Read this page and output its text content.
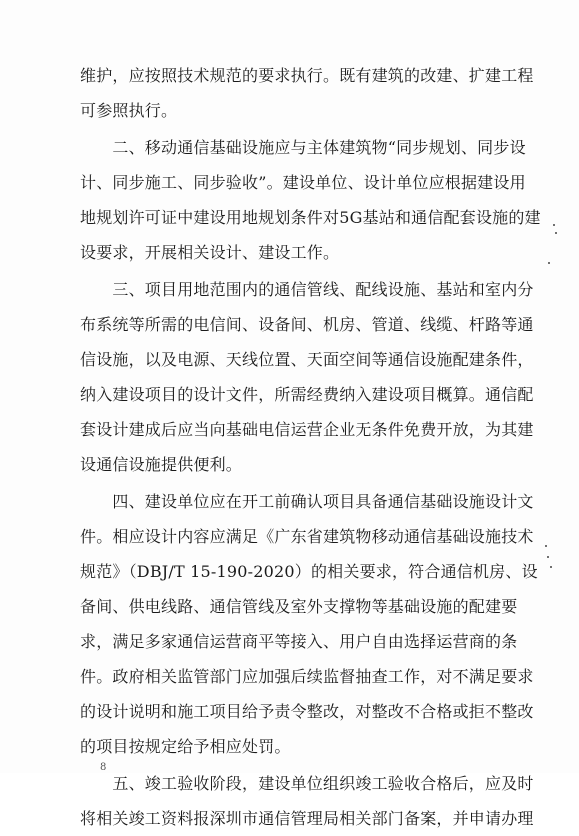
维护，应按照技术规范的要求执行。既有建筑的改建、扩建工程
可参照执行。
　　二、移动通信基础设施应与主体建筑物“同步规划、同步设
计、同步施工、同步验收”。建设单位、设计单位应根据建设用
地规划许可证中建设用地规划条件对5G基站和通信配套设施的建
设要求，开展相关设计、建设工作。
　　三、项目用地范围内的通信管线、配线设施、基站和室内分
布系统等所需的电信间、设备间、机房、管道、线缆、杆路等通
信设施，以及电源、天线位置、天面空间等通信设施配建条件，
纳入建设项目的设计文件，所需经费纳入建设项目概算。通信配
套设计建成后应当向基础电信运营企业无条件免费开放，为其建
设通信设施提供便利。
　　四、建设单位应在开工前确认项目具备通信基础设施设计文
件。相应设计内容应满足《广东省建筑物移动通信基础设施技术
规范》（DBJ/T 15-190-2020）的相关要求，符合通信机房、设
备间、供电线路、通信管线及室外支撑物等基础设施的配建要
求，满足多家通信运营商平等接入、用户自由选择运营商的条
件。政府相关监管部门应加强后续监督抽查工作，对不满足要求
的设计说明和施工项目给予责令整改，对整改不合格或拒不整改
的项目按规定给予相应处罚。
　　五、竣工验收阶段，建设单位组织竣工验收合格后，应及时
将相关竣工资料报深圳市通信管理局相关部门备案，并申请办理
8
